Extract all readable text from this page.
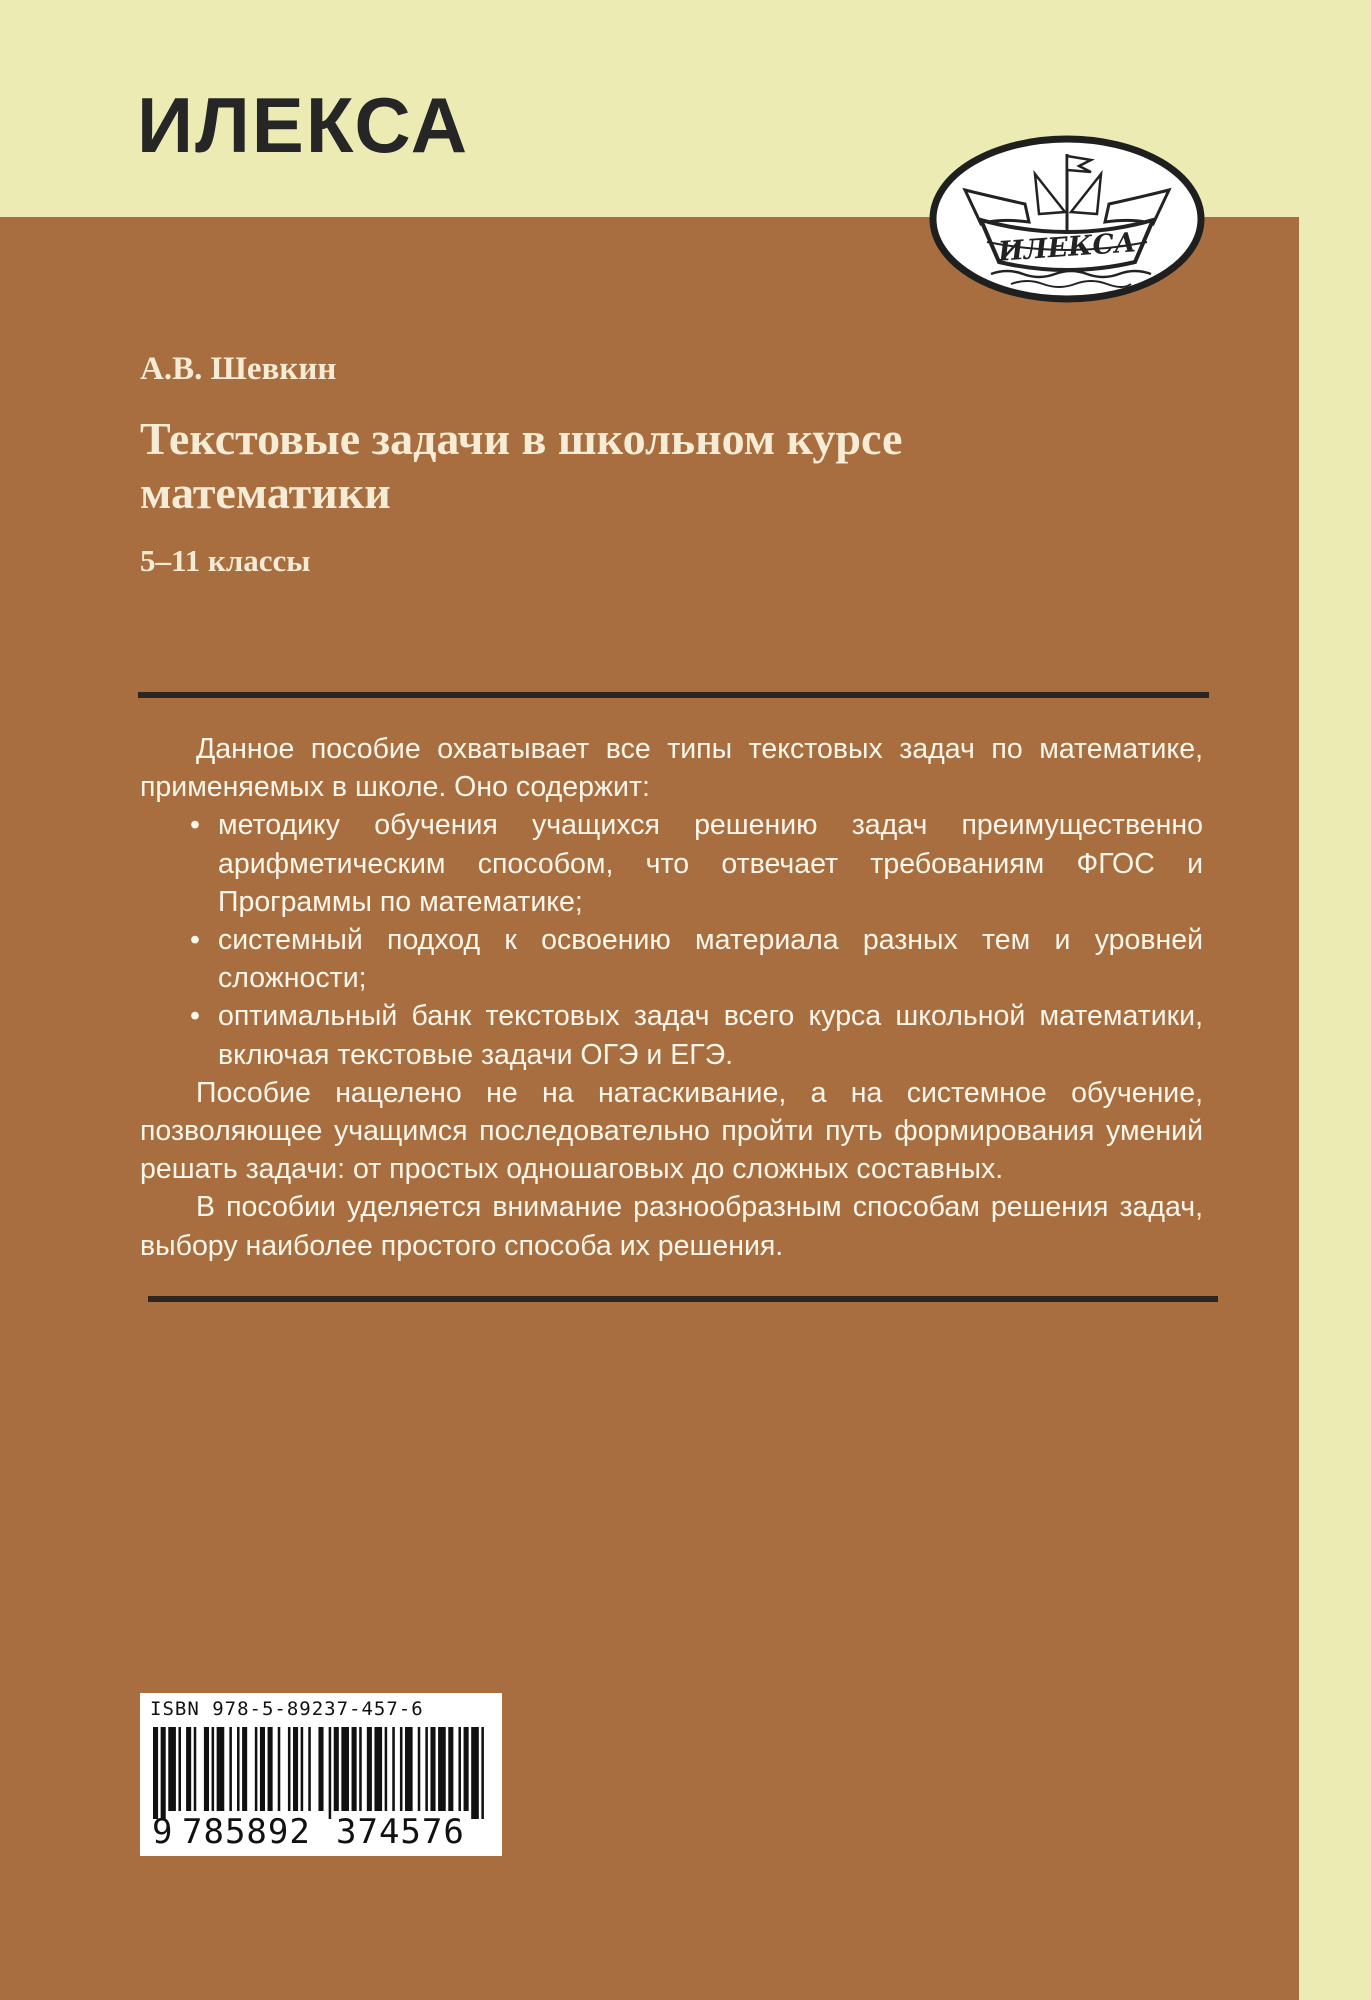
ИЛЕКСА
ИЛЕКСА

А.В. Шевкин

Текстовые задачи в школьном курсе математики

5–11 классы

Данное пособие охватывает все типы текстовых задач по математике, применяемых в школе. Оно содержит:

• методику обучения учащихся решению задач преимущественно арифметическим способом, что отвечает требованиям ФГОС и Программы по математике;
• системный подход к освоению материала разных тем и уровней сложности;
• оптимальный банк текстовых задач всего курса школьной математики, включая текстовые задачи ОГЭ и ЕГЭ.

Пособие нацелено не на натаскивание, а на системное обучение, позволяющее учащимся последовательно пройти путь формирования умений решать задачи: от простых одношаговых до сложных составных.

В пособии уделяется внимание разнообразным способам решения задач, выбору наиболее простого способа их решения.

ISBN 978-5-89237-457-6

9 785892 374576
